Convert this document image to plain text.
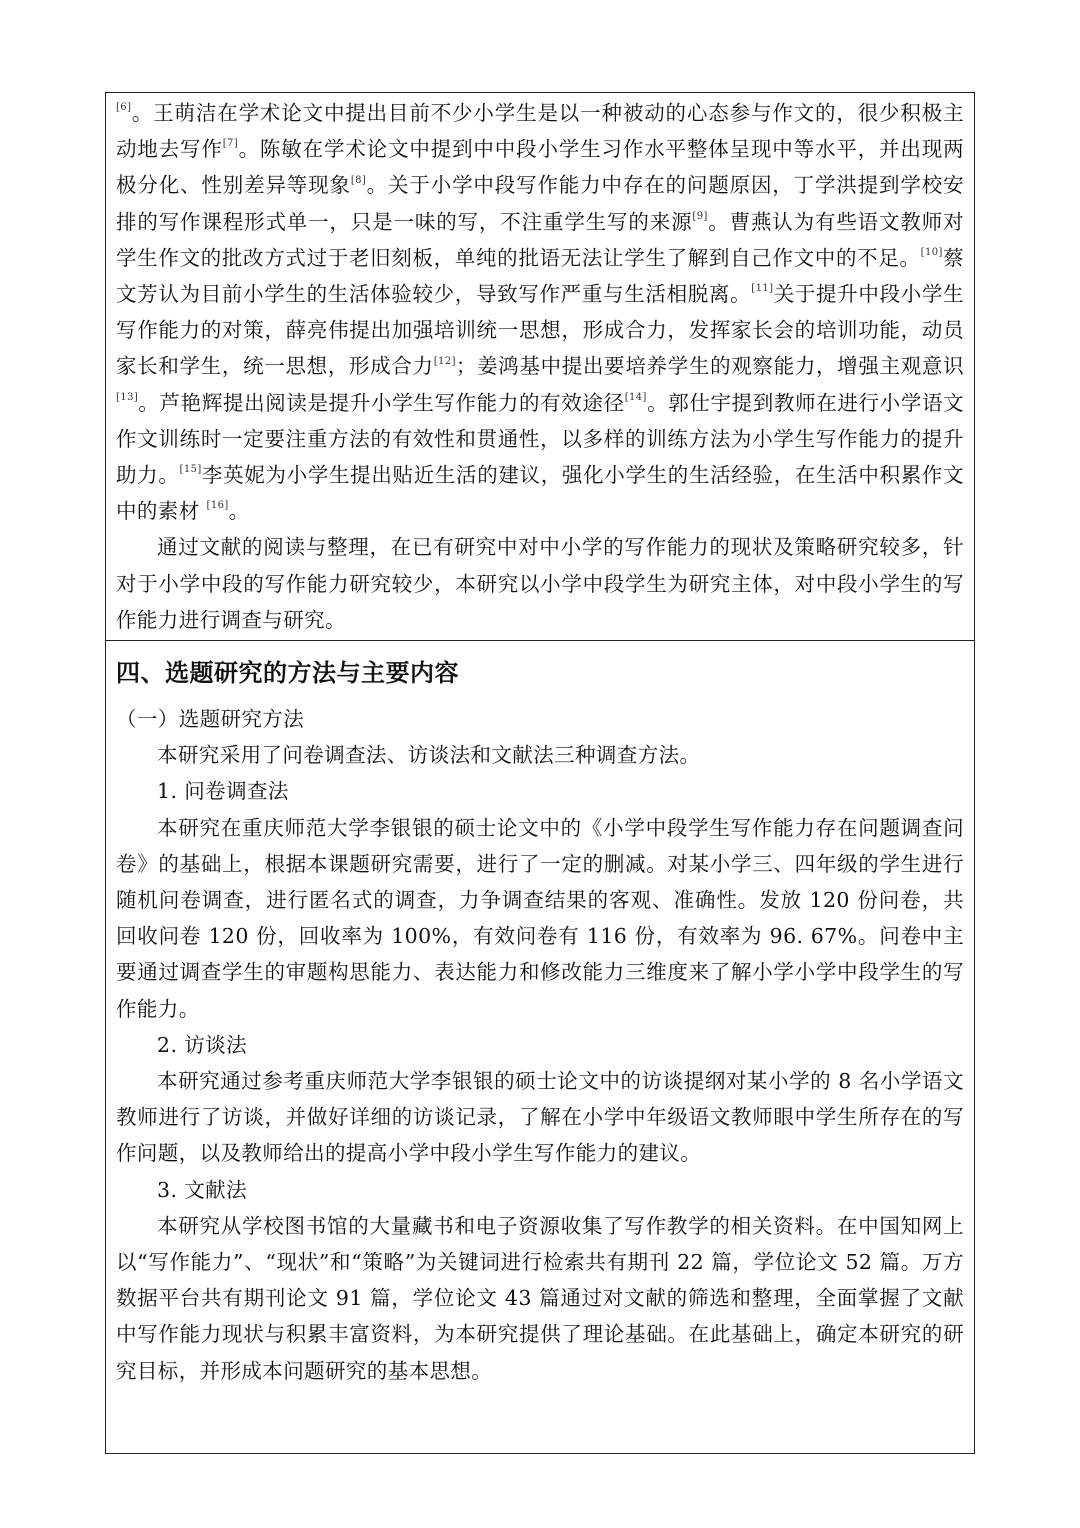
[6]。王萌洁在学术论文中提出目前不少小学生是以一种被动的心态参与作文的，很少积极主动地去写作[7]。陈敏在学术论文中提到中中段小学生习作水平整体呈现中等水平，并出现两极分化、性别差异等现象[8]。关于小学中段写作能力中存在的问题原因，丁学洪提到学校安排的写作课程形式单一，只是一味的写，不注重学生写的来源[9]。曹燕认为有些语文教师对学生作文的批改方式过于老旧刻板，单纯的批语无法让学生了解到自己作文中的不足。[10]蔡文芳认为目前小学生的生活体验较少，导致写作严重与生活相脱离。[11]关于提升中段小学生写作能力的对策，薛亮伟提出加强培训统一思想，形成合力，发挥家长会的培训功能，动员家长和学生，统一思想，形成合力[12]；姜鸿基中提出要培养学生的观察能力，增强主观意识[13]。芦艳辉提出阅读是提升小学生写作能力的有效途径[14]。郭仕宇提到教师在进行小学语文作文训练时一定要注重方法的有效性和贯通性，以多样的训练方法为小学生写作能力的提升助力。[15]李英妮为小学生提出贴近生活的建议，强化小学生的生活经验，在生活中积累作文中的素材 [16]。

通过文献的阅读与整理，在已有研究中对中小学的写作能力的现状及策略研究较多，针对于小学中段的写作能力研究较少，本研究以小学中段学生为研究主体，对中段小学生的写作能力进行调查与研究。

四、选题研究的方法与主要内容
（一）选题研究方法

本研究采用了问卷调查法、访谈法和文献法三种调查方法。

1. 问卷调查法

本研究在重庆师范大学李银银的硕士论文中的《小学中段学生写作能力存在问题调查问卷》的基础上，根据本课题研究需要，进行了一定的删减。对某小学三、四年级的学生进行随机问卷调查，进行匿名式的调查，力争调查结果的客观、准确性。发放 120 份问卷，共回收问卷 120 份，回收率为 100%，有效问卷有 116 份，有效率为 96. 67%。问卷中主要通过调查学生的审题构思能力、表达能力和修改能力三维度来了解小学小学中段学生的写作能力。

2. 访谈法

本研究通过参考重庆师范大学李银银的硕士论文中的访谈提纲对某小学的 8 名小学语文教师进行了访谈，并做好详细的访谈记录，了解在小学中年级语文教师眼中学生所存在的写作问题，以及教师给出的提高小学中段小学生写作能力的建议。

3. 文献法

本研究从学校图书馆的大量藏书和电子资源收集了写作教学的相关资料。在中国知网上以“写作能力”、“现状”和“策略”为关键词进行检索共有期刊 22 篇，学位论文 52 篇。万方数据平台共有期刊论文 91 篇，学位论文 43 篇通过对文献的筛选和整理，全面掌握了文献中写作能力现状与积累丰富资料，为本研究提供了理论基础。在此基础上，确定本研究的研究目标，并形成本问题研究的基本思想。
